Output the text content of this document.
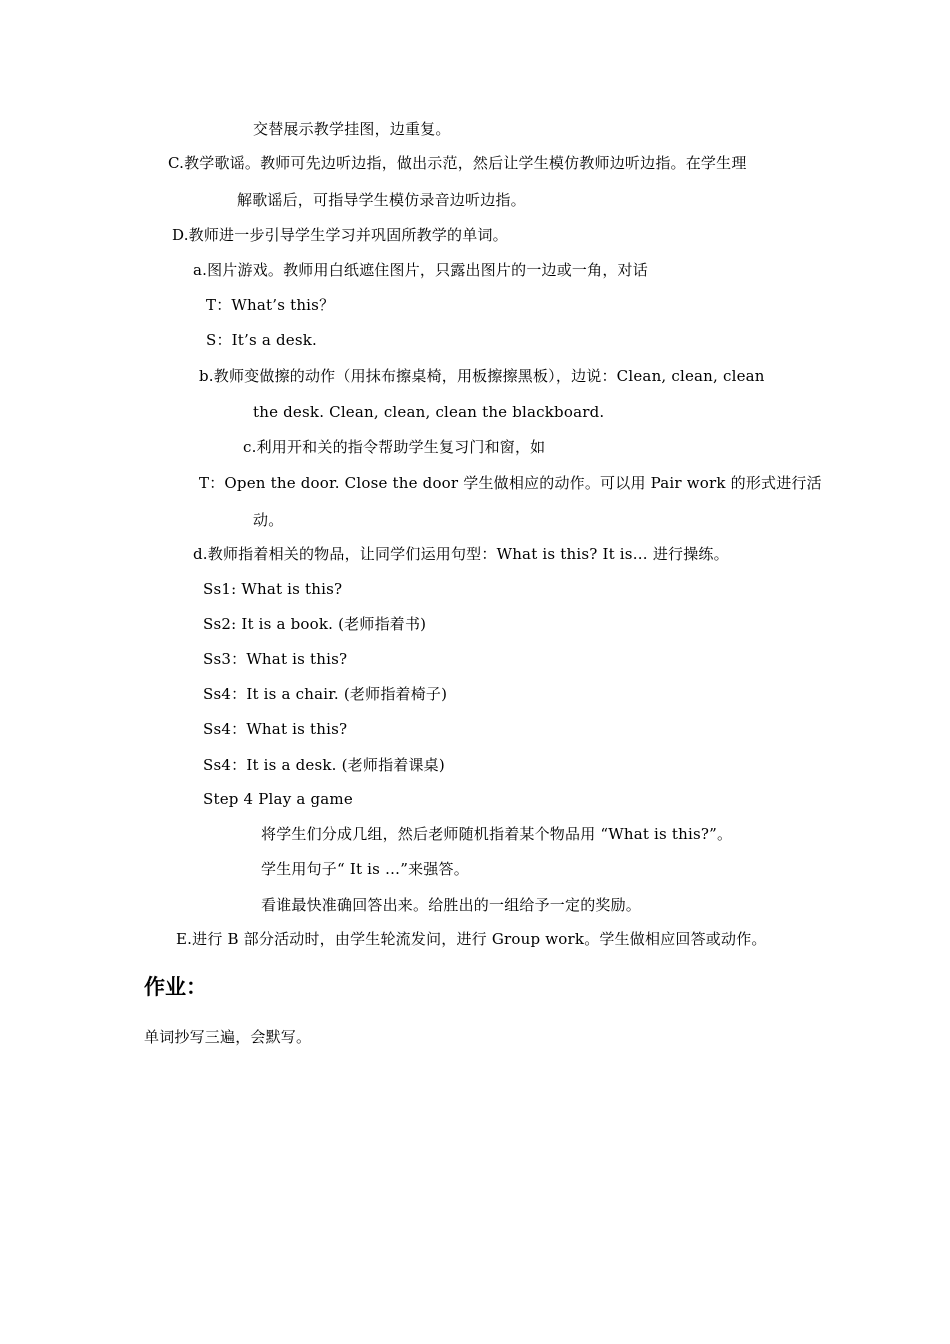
交替展示教学挂图，边重复。
C.教学歌谣。教师可先边听边指，做出示范，然后让学生模仿教师边听边指。在学生理
解歌谣后，可指导学生模仿录音边听边指。
D.教师进一步引导学生学习并巩固所教学的单词。
a.图片游戏。教师用白纸遮住图片，只露出图片的一边或一角，对话
T：What’s this？
S：It’s a desk.
b.教师变做擦的动作（用抹布擦桌椅，用板擦擦黑板），边说：Clean, clean, clean
the desk. Clean, clean, clean the blackboard.
c.利用开和关的指令帮助学生复习门和窗，如
T：Open the door. Close the door 学生做相应的动作。可以用 Pair work 的形式进行活
动。
d.教师指着相关的物品，让同学们运用句型：What is this? It is… 进行操练。
Ss1: What is this?
Ss2: It is a book. (老师指着书)
Ss3：What is this?
Ss4：It is a chair. (老师指着椅子)
Ss4：What is this?
Ss4：It is a desk. (老师指着课桌)
Step 4 Play a game
将学生们分成几组，然后老师随机指着某个物品用 “What is this?”。
学生用句子“ It is …”来强答。
看谁最快准确回答出来。给胜出的一组给予一定的奖励。
E.进行 B 部分活动时，由学生轮流发问，进行 Group work。学生做相应回答或动作。
作业：
单词抄写三遍，会默写。
